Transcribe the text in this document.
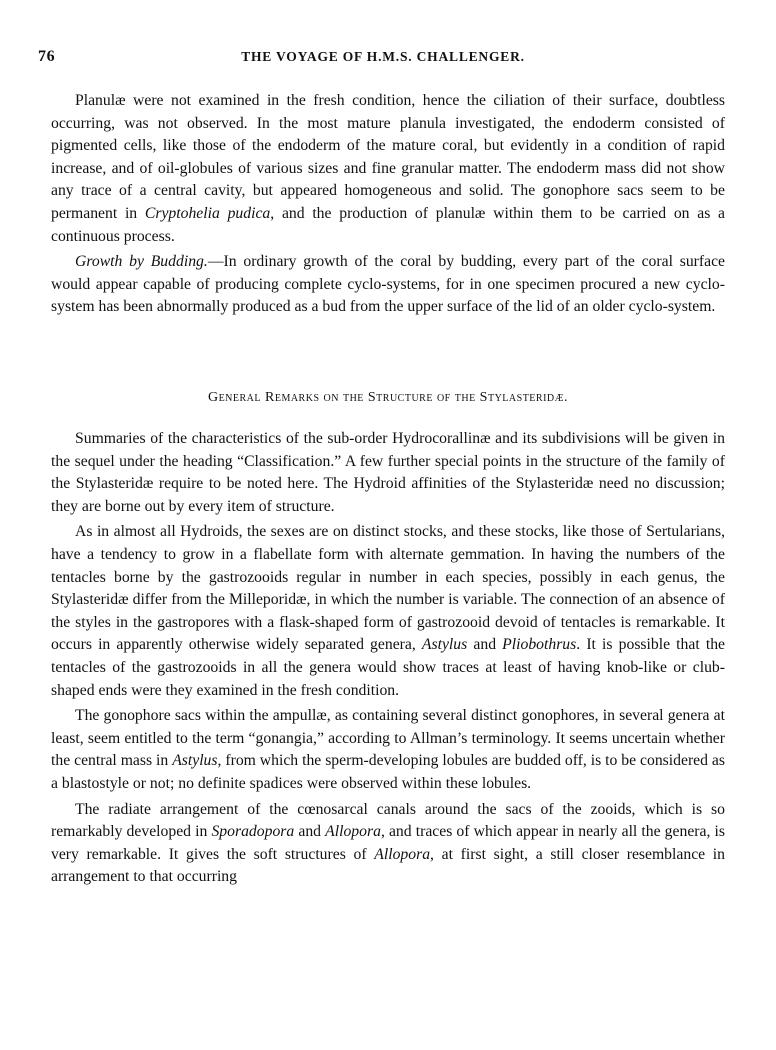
76	THE VOYAGE OF H.M.S. CHALLENGER.

Planulæ were not examined in the fresh condition, hence the ciliation of their surface, doubtless occurring, was not observed. In the most mature planula investigated, the endoderm consisted of pigmented cells, like those of the endoderm of the mature coral, but evidently in a condition of rapid increase, and of oil-globules of various sizes and fine granular matter. The endoderm mass did not show any trace of a central cavity, but appeared homogeneous and solid. The gonophore sacs seem to be permanent in Cryptohelia pudica, and the production of planulæ within them to be carried on as a continuous process.

Growth by Budding.—In ordinary growth of the coral by budding, every part of the coral surface would appear capable of producing complete cyclo-systems, for in one specimen procured a new cyclo-system has been abnormally produced as a bud from the upper surface of the lid of an older cyclo-system.

General Remarks on the Structure of the Stylasteridæ.

Summaries of the characteristics of the sub-order Hydrocorallinæ and its subdivisions will be given in the sequel under the heading “Classification.” A few further special points in the structure of the family of the Stylasteridæ require to be noted here. The Hydroid affinities of the Stylasteridæ need no discussion; they are borne out by every item of structure.

As in almost all Hydroids, the sexes are on distinct stocks, and these stocks, like those of Sertularians, have a tendency to grow in a flabellate form with alternate gemmation. In having the numbers of the tentacles borne by the gastrozooids regular in number in each species, possibly in each genus, the Stylasteridæ differ from the Milleporidæ, in which the number is variable. The connection of an absence of the styles in the gastropores with a flask-shaped form of gastrozooid devoid of tentacles is remarkable. It occurs in apparently otherwise widely separated genera, Astylus and Pliobothrus. It is possible that the tentacles of the gastrozooids in all the genera would show traces at least of having knob-like or club-shaped ends were they examined in the fresh condition.

The gonophore sacs within the ampullæ, as containing several distinct gonophores, in several genera at least, seem entitled to the term “gonangia,” according to Allman’s terminology. It seems uncertain whether the central mass in Astylus, from which the sperm-developing lobules are budded off, is to be considered as a blastostyle or not; no definite spadices were observed within these lobules.

The radiate arrangement of the cœnosarcal canals around the sacs of the zooids, which is so remarkably developed in Sporadopora and Allopora, and traces of which appear in nearly all the genera, is very remarkable. It gives the soft structures of Allopora, at first sight, a still closer resemblance in arrangement to that occurring
